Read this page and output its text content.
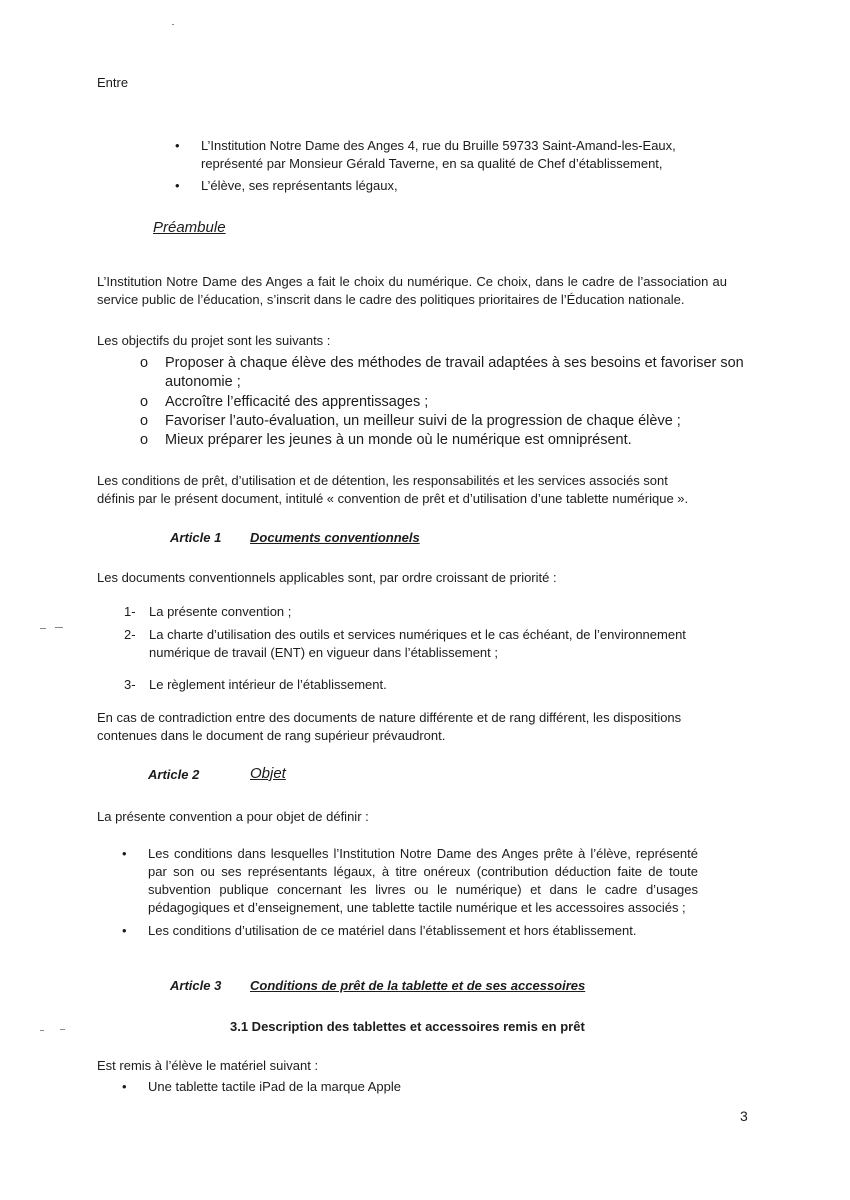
Entre
• L’Institution Notre Dame des Anges 4, rue du Bruille 59733 Saint-Amand-les-Eaux, représenté par Monsieur Gérald Taverne, en sa qualité de Chef d’établissement,
• L’élève, ses représentants légaux,
Préambule
L’Institution Notre Dame des Anges a fait le choix du numérique. Ce choix, dans le cadre de l’association au service public de l’éducation, s’inscrit dans le cadre des politiques prioritaires de l’Éducation nationale.
Les objectifs du projet sont les suivants :
o Proposer à chaque élève des méthodes de travail adaptées à ses besoins et favoriser son autonomie ;
o Accroître l’efficacité des apprentissages ;
o Favoriser l’auto-évaluation, un meilleur suivi de la progression de chaque élève ;
o Mieux préparer les jeunes à un monde où le numérique est omniprésent.
Les conditions de prêt, d’utilisation et de détention, les responsabilités et les services associés sont définis par le présent document, intitulé « convention de prêt et d’utilisation d’une tablette numérique ».
Article 1 Documents conventionnels
Les documents conventionnels applicables sont, par ordre croissant de priorité :
1- La présente convention ;
2- La charte d’utilisation des outils et services numériques et le cas échéant, de l’environnement numérique de travail (ENT) en vigueur dans l’établissement ;
3- Le règlement intérieur de l’établissement.
En cas de contradiction entre des documents de nature différente et de rang différent, les dispositions contenues dans le document de rang supérieur prévaudront.
Article 2	Objet
La présente convention a pour objet de définir :
• Les conditions dans lesquelles l’Institution Notre Dame des Anges prête à l’élève, représenté par son ou ses représentants légaux, à titre onéreux (contribution déduction faite de toute subvention publique concernant les livres ou le numérique) et dans le cadre d’usages pédagogiques et d’enseignement, une tablette tactile numérique et les accessoires associés ;
• Les conditions d’utilisation de ce matériel dans l’établissement et hors établissement.
Article 3 Conditions de prêt de la tablette et de ses accessoires
3.1 Description des tablettes et accessoires remis en prêt
Est remis à l’élève le matériel suivant :
• Une tablette tactile iPad de la marque Apple
3
